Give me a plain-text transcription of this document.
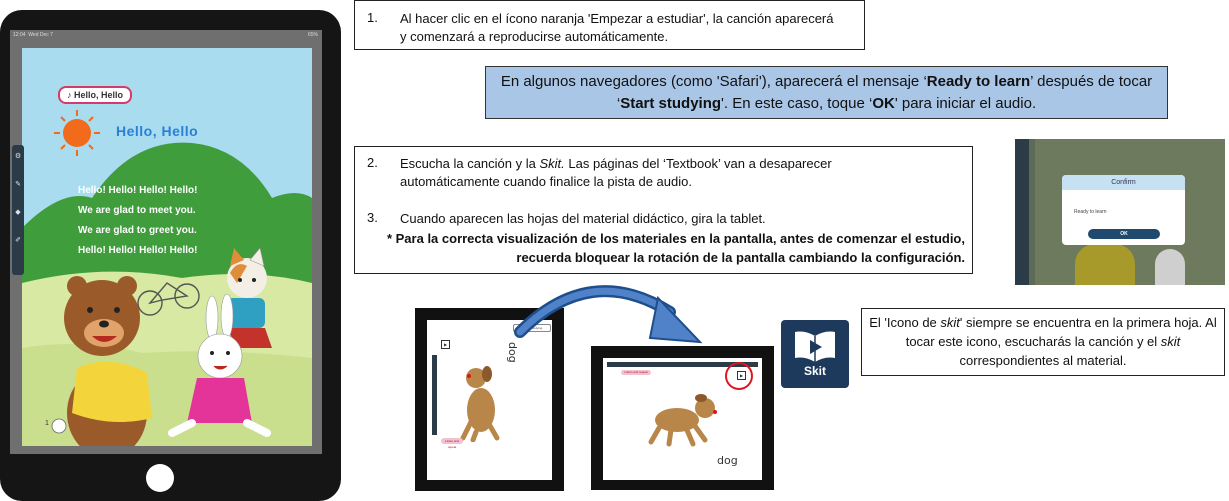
12:04 Wed Dec 7	65%
♪ Hello, Hello
Hello, Hello
Hello! Hello! Hello! Hello!
We are glad to meet you.
We are glad to greet you.
Hello! Hello! Hello! Hello!
1
⚙
✎
◆
✐
1. Al hacer clic en el ícono naranja 'Empezar a estudiar', la canción aparecerá y comenzará a reproducirse automáticamente.
En algunos navegadores (como 'Safari'), aparecerá el mensaje ‘Ready to learn’ después de tocar ‘Start studying'. En este caso, toque ‘OK' para iniciar el audio.
2. Escucha la canción y la Skit. Las páginas del ‘Textbook’ van a desaparecer automáticamente cuando finalice la pista de audio.
3. Cuando aparecen las hojas del material didáctico, gira la tablet.
* Para la correcta visualización de los materiales en la pantalla, antes de comenzar el estudio, recuerda bloquear la rotación de la pantalla cambiando la configuración.
Confirm
Ready to learn
OK
Finish Studying
▶	dog
Listen and repeat
Listen and repeat
▶
dog
Skit
El 'Icono de skit' siempre se encuentra en la primera hoja. Al tocar este icono, escucharás la canción y el skit correspondientes al material.
